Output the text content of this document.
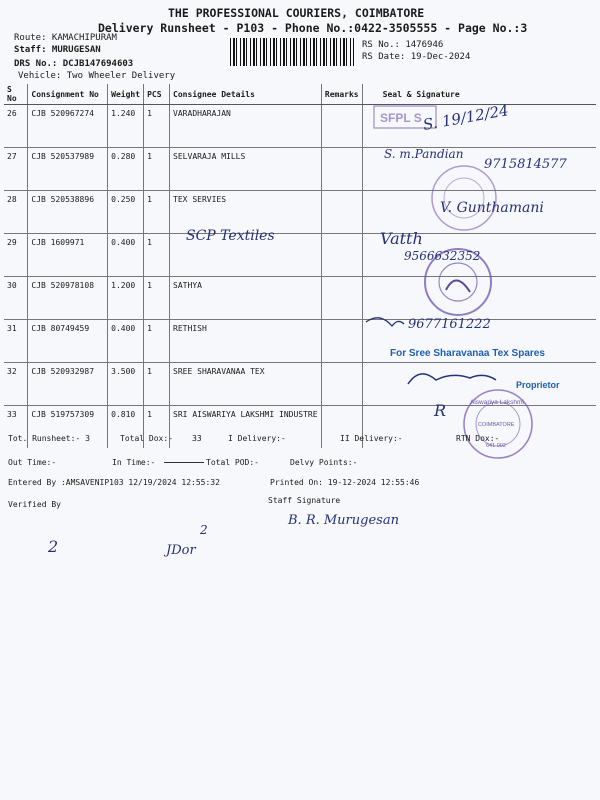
THE PROFESSIONAL COURIERS, COIMBATORE
Delivery Runsheet - P103 - Phone No.:0422-3505555 - Page No.:3
Route: KAMACHIPURAM
Staff: MURUGESAN
DRS No.: DCJB147694603
Vehicle: Two Wheeler Delivery
RS No.: 1476946
RS Date: 19-Dec-2024
S No	Consignment No	Weight	PCS	Consignee Details	Remarks	Seal & Signature
26	CJB 520967274	1.240	1	VARADHARAJAN		
27	CJB 520537989	0.280	1	SELVARAJA MILLS		
28	CJB 520538896	0.250	1	TEX SERVIES		
29	CJB 1609971	0.400	1			
30	CJB 520978108	1.200	1	SATHYA		
31	CJB 80749459	0.400	1	RETHISH		
32	CJB 520932987	3.500	1	SREE SHARAVANAA TEX		
33	CJB 519757309	0.810	1	SRI AISWARIYA LAKSHMI INDUSTRE		
SFPL S
Aiswariya Lakshmi
COIMBATORE
641 002
S. 19/12/24
S. m.Pandian
9715814577
V. Gunthamani
SCP Textiles	Vatth
9566632352
9677161222
For Sree Sharavanaa Tex Spares
Proprietor
R
B. R. Murugesan
2
2
JDor
Tot. Runsheet:- 3	Total Dox:- 33	I Delivery:-	II Delivery:-	RTN Dox:-
Out Time:-	In Time:-	Total POD:-	Delvy Points:-
Entered By :AMSAVENIP103 12/19/2024 12:55:32	Printed On: 19-12-2024 12:55:46
Verified By	Staff Signature
